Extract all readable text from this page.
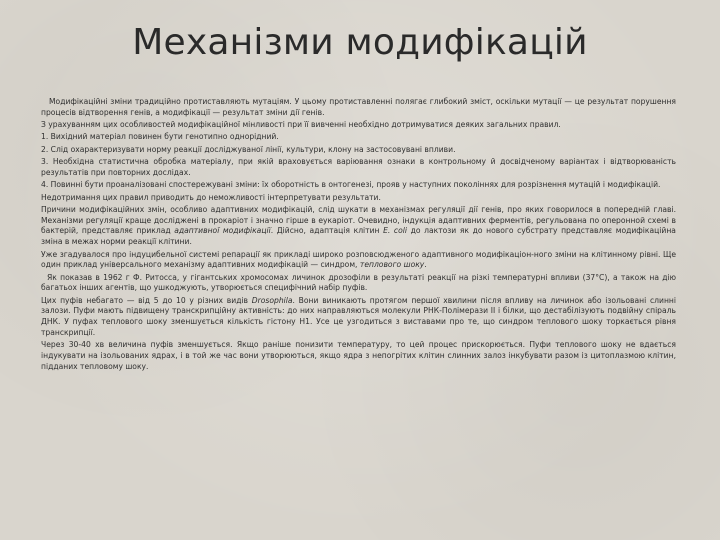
Механізми модифікацій

Модифікаційні зміни традиційно протиставляють мутаціям. У цьому протиставленні полягає глибокий зміст, оскільки мутації — це результат порушення процесів відтворення генів, а модифікації — результат зміни дії генів.

З урахуванням цих особливостей модифікаційної мінливості при її вивченні необхідно дотримуватися деяких загальних правил.

1. Вихідний матеріал повинен бути генотипно однорідний.

2. Слід охарактеризувати норму реакції досліджуваної лінії, культури, клону на застосовувані впливи.

3. Необхідна статистична обробка матеріалу, при якій враховується варіювання ознаки в контрольному й досвідченому варіантах і відтворюваність результатів при повторних дослідах.

4. Повинні бути проаналізовані спостережувані зміни: їх оборотність в онтогенезі, прояв у наступних поколіннях для розрізнення мутацій і модифікацій.

Недотримання цих правил приводить до неможливості інтерпретувати результати.

Причини модифікаційних змін, особливо адаптивних модифікацій, слід шукати в механізмах регуляції дії генів, про яких говорилося в попередній главі. Механізми регуляції краще досліджені в прокаріот і значно гірше в еукаріот. Очевидно, індукція адаптивних ферментів, регульована по оперонной схемі в бактерій, представляє приклад адаптивної модифікації. Дійсно, адаптація клітин E. coli до лактози як до нового субстрату представляє модифікаційна зміна в межах норми реакції клітини.

Уже згадувалося про індуцибельної системі репарації як прикладі широко розповсюдженого адаптивного модифікаціон-ного зміни на клітинному рівні. Ще один приклад універсального механізму адаптивних модифікацій — синдром, теплового шоку.

Як показав в 1962 г Ф. Ритосса, у гігантських хромосомах личинок дрозофіли в результаті реакції на різкі температурні впливи (37°С), а також на дію багатьох інших агентів, що ушкоджують, утворюється специфічний набір пуфів.

Цих пуфів небагато — від 5 до 10 у різних видів Drosophila. Вони виникають протягом першої хвилини після впливу на личинок або ізольовані слинні залози. Пуфи мають підвищену транскрипційну активність: до них направляються молекули РНК-Полімерази ІІ і білки, що дестабілізують подвійну спіраль ДНК. У пуфах теплового шоку зменшується кількість гістону Н1. Усе це узгодиться з виставами про те, що синдром теплового шоку торкається рівня транскрипції.

Через 30-40 хв величина пуфів зменшується. Якщо раніше понизити температуру, то цей процес прискорюється. Пуфи теплового шоку не вдається індукувати на ізольованих ядрах, і в той же час вони утворюються, якщо ядра з непогрітих клітин слинних залоз інкубувати разом із цитоплазмою клітин, підданих тепловому шоку.
